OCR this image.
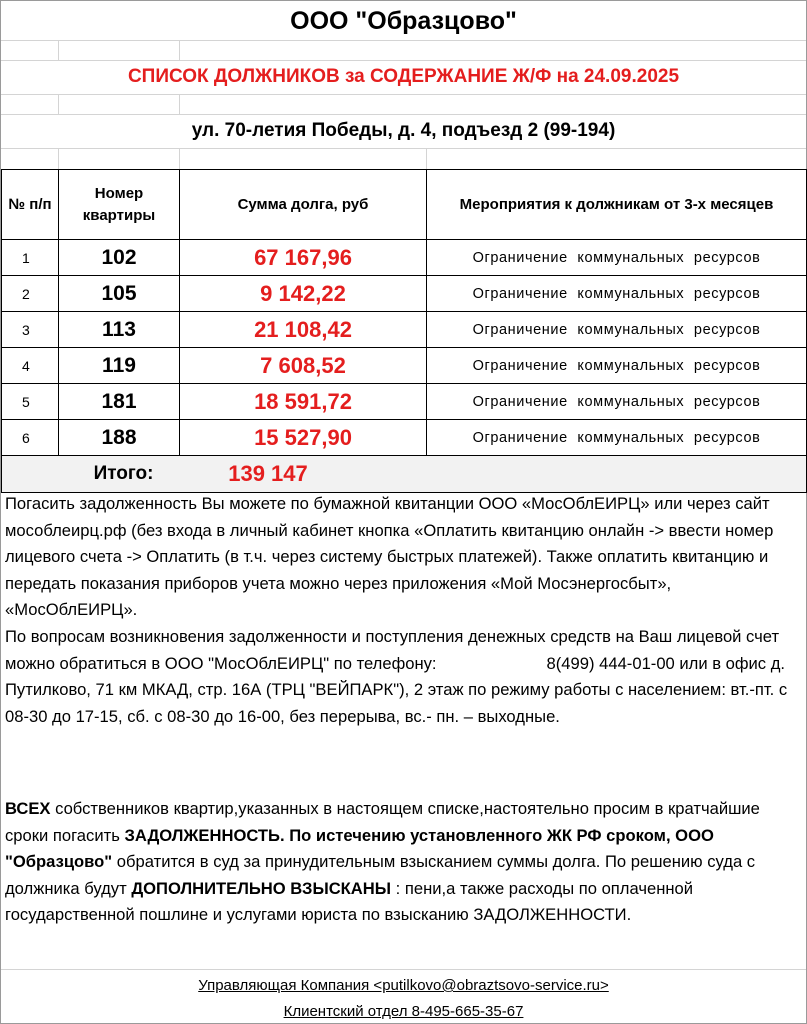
ООО "Образцово"
СПИСОК ДОЛЖНИКОВ за СОДЕРЖАНИЕ Ж/Ф на 24.09.2025
ул. 70-летия Победы, д. 4, подъезд 2 (99-194)
№ п/п	Номер квартиры	Сумма долга, руб	Мероприятия к должникам от 3-х месяцев
1	102	67 167,96	Ограничение коммунальных ресурсов
2	105	9 142,22	Ограничение коммунальных ресурсов
3	113	21 108,42	Ограничение коммунальных ресурсов
4	119	7 608,52	Ограничение коммунальных ресурсов
5	181	18 591,72	Ограничение коммунальных ресурсов
6	188	15 527,90	Ограничение коммунальных ресурсов
Итого:		139 147	

Погасить задолженность Вы можете по бумажной квитанции ООО «МосОблЕИРЦ» или через сайт мособлеирц.рф (без входа в личный кабинет кнопка «Оплатить квитанцию онлайн -> ввести номер лицевого счета -> Оплатить (в т.ч. через систему быстрых платежей). Также оплатить квитанцию и передать показания приборов учета можно через приложения «Мой Мосэнергосбыт», «МосОблЕИРЦ».

По вопросам возникновения задолженности и поступления денежных средств на Ваш лицевой счет можно обратиться в ООО "МосОблЕИРЦ" по телефону:	8(499) 444-01-00 или в офис д. Путилково, 71 км МКАД, стр. 16А (ТРЦ "ВЕЙПАРК"), 2 этаж по режиму работы с населением: вт.-пт. с 08-30 до 17-15, сб. с 08-30 до 16-00, без перерыва, вс.- пн. – выходные.

ВСЕХ собственников квартир,указанных в настоящем списке,настоятельно просим в кратчайшие сроки погасить ЗАДОЛЖЕННОСТЬ. По истечению установленного ЖК РФ сроком, ООО "Образцово" обратится в суд за принудительным взысканием суммы долга. По решению суда с должника будут ДОПОЛНИТЕЛЬНО ВЗЫСКАНЫ : пени,а также расходы по оплаченной государственной пошлине и услугами юриста по взысканию ЗАДОЛЖЕННОСТИ.

Управляющая Компания <putilkovo@obraztsovo-service.ru>
Клиентский отдел 8-495-665-35-67
